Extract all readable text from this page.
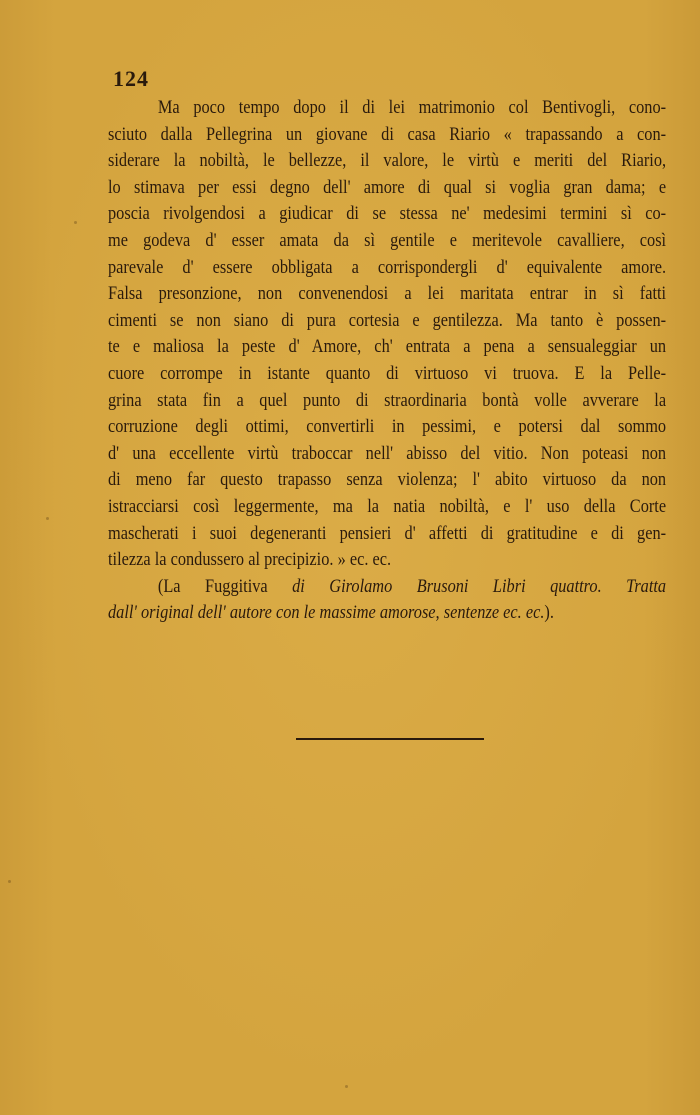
124
Ma poco tempo dopo il di lei matrimonio col Bentivogli, cono-
sciuto dalla Pellegrina un giovane di casa Riario « trapassando a con-
siderare la nobiltà, le bellezze, il valore, le virtù e meriti del Riario,
lo stimava per essi degno dell' amore di qual si voglia gran dama; e
poscia rivolgendosi a giudicar di se stessa ne' medesimi termini sì co-
me godeva d' esser amata da sì gentile e meritevole cavalliere, così
parevale d' essere obbligata a corrispondergli d' equivalente amore.
Falsa presonzione, non convenendosi a lei maritata entrar in sì fatti
cimenti se non siano di pura cortesia e gentilezza. Ma tanto è possen-
te e maliosa la peste d' Amore, ch' entrata a pena a sensualeggiar un
cuore corrompe in istante quanto di virtuoso vi truova. E la Pelle-
grina stata fin a quel punto di straordinaria bontà volle avverare la
corruzione degli ottimi, convertirli in pessimi, e potersi dal sommo
d' una eccellente virtù traboccar nell' abisso del vitio. Non poteasi non
di meno far questo trapasso senza violenza; l' abito virtuoso da non
istracciarsi così leggermente, ma la natia nobiltà, e l' uso della Corte
mascherati i suoi degeneranti pensieri d' affetti di gratitudine e di gen-
tilezza la condussero al precipizio. » ec. ec.
(La Fuggitiva di Girolamo Brusoni Libri quattro. Tratta
dall' original dell' autore con le massime amorose, sentenze ec. ec.).
